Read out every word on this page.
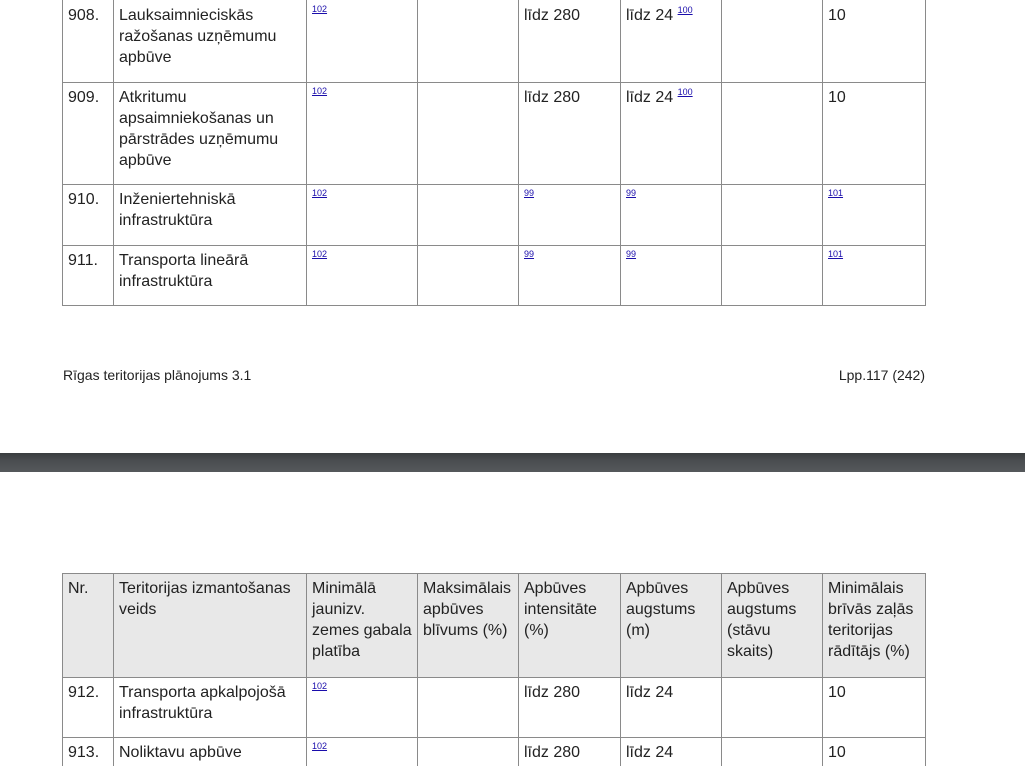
908.	Lauksaimnieciskās ražošanas uzņēmumu apbūve	102		līdz 280	līdz 24 $^{100}$		10
909.	Atkritumu apsaimniekošanas un pārstrādes uzņēmumu apbūve	102		līdz 280	līdz 24 $^{100}$		10
910.	Inženiertehniskā infrastruktūra	102		99	99		101
911.	Transporta lineārā infrastruktūra	102		99	99		101
Rīgas teritorijas plānojums 3.1	Lpp.117 (242)
Nr.	Teritorijas izmantošanas veids	Minimālā jaunizv. zemes gabala platība	Maksimālais apbūves blīvums (%)	Apbūves intensitāte (%)	Apbūves augstums (m)	Apbūves augstums (stāvu skaits)	Minimālais brīvās zaļās teritorijas rādītājs (%)
912.	Transporta apkalpojošā infrastruktūra	102		līdz 280	līdz 24		10
913.	Noliktavu apbūve	102		līdz 280	līdz 24		10
